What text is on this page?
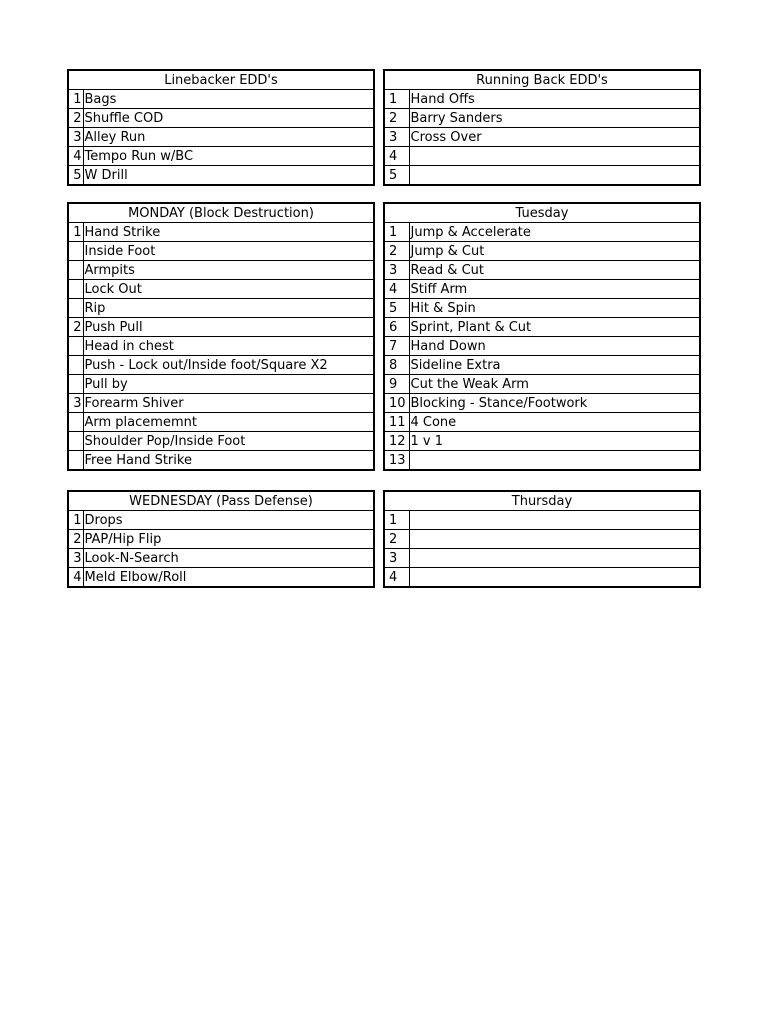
Linebacker EDD's	
1	Bags
2	Shuffle COD
3	Alley Run
4	Tempo Run w/BC
5	W Drill
Running Back EDD's	
1	Hand Offs
2	Barry Sanders
3	Cross Over
4	
5	
MONDAY (Block Destruction)	
1	Hand Strike
	Inside Foot
	Armpits
	Lock Out
	Rip
2	Push Pull
	Head in chest
	Push - Lock out/Inside foot/Square X2
	Pull by
3	Forearm Shiver
	Arm placememnt
	Shoulder Pop/Inside Foot
	Free Hand Strike
Tuesday	
1	Jump & Accelerate
2	Jump & Cut
3	Read & Cut
4	Stiff Arm
5	Hit & Spin
6	Sprint, Plant & Cut
7	Hand Down
8	Sideline Extra
9	Cut the Weak Arm
10	Blocking - Stance/Footwork
11	4 Cone
12	1 v 1
13	
WEDNESDAY (Pass Defense)	
1	Drops
2	PAP/Hip Flip
3	Look-N-Search
4	Meld Elbow/Roll
Thursday	
1	
2	
3	
4	
